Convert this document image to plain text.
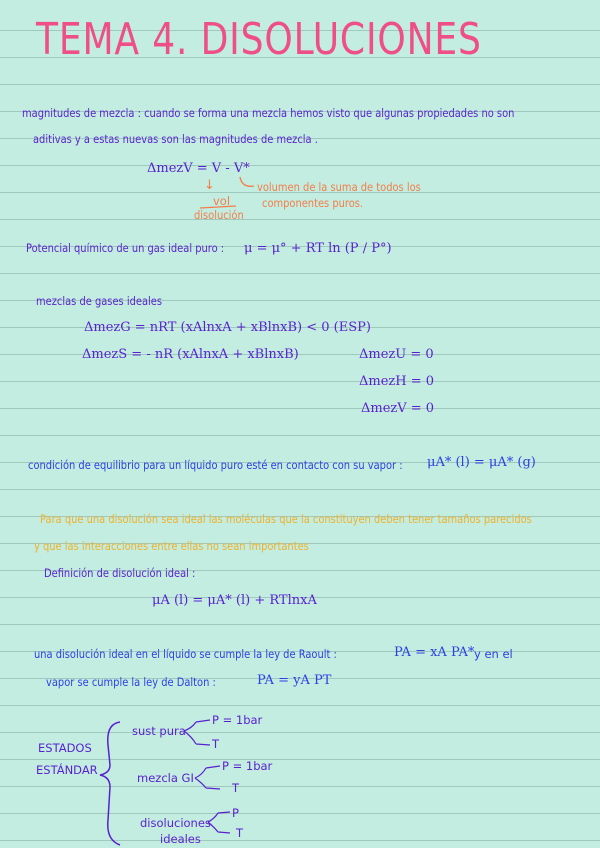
TEMA 4. DISOLUCIONES
magnitudes de mezcla : cuando se forma una mezcla hemos visto que algunas propiedades no son
aditivas y a estas nuevas son las magnitudes de mezcla .
ΔmezV = V - V*
↓
vol
disolución
volumen de la suma de todos los
componentes puros.
Potencial químico de un gas ideal puro : μ = μ° + RT ln (P / P°)
mezclas de gases ideales
ΔmezG = nRT (xAlnxA + xBlnxB) < 0 (ESP)
ΔmezS = - nR (xAlnxA + xBlnxB)	ΔmezU = 0
ΔmezH = 0
ΔmezV = 0
condición de equilibrio para un líquido puro esté en contacto con su vapor : μA* (l) = μA* (g)
Para que una disolución sea ideal las moléculas que la constituyen deben tener tamaños parecidos
y que las interacciones entre ellas no sean importantes
Definición de disolución ideal :
μA (l) = μA* (l) + RTlnxA
una disolución ideal en el líquido se cumple la ley de Raoult :	PA = xA PA* y en el
vapor se cumple la ley de Dalton :	PA = yA PT
ESTADOS
ESTÁNDAR
sust pura
P = 1bar
T
mezcla GI
P = 1bar
T
disoluciones
ideales
P
T
